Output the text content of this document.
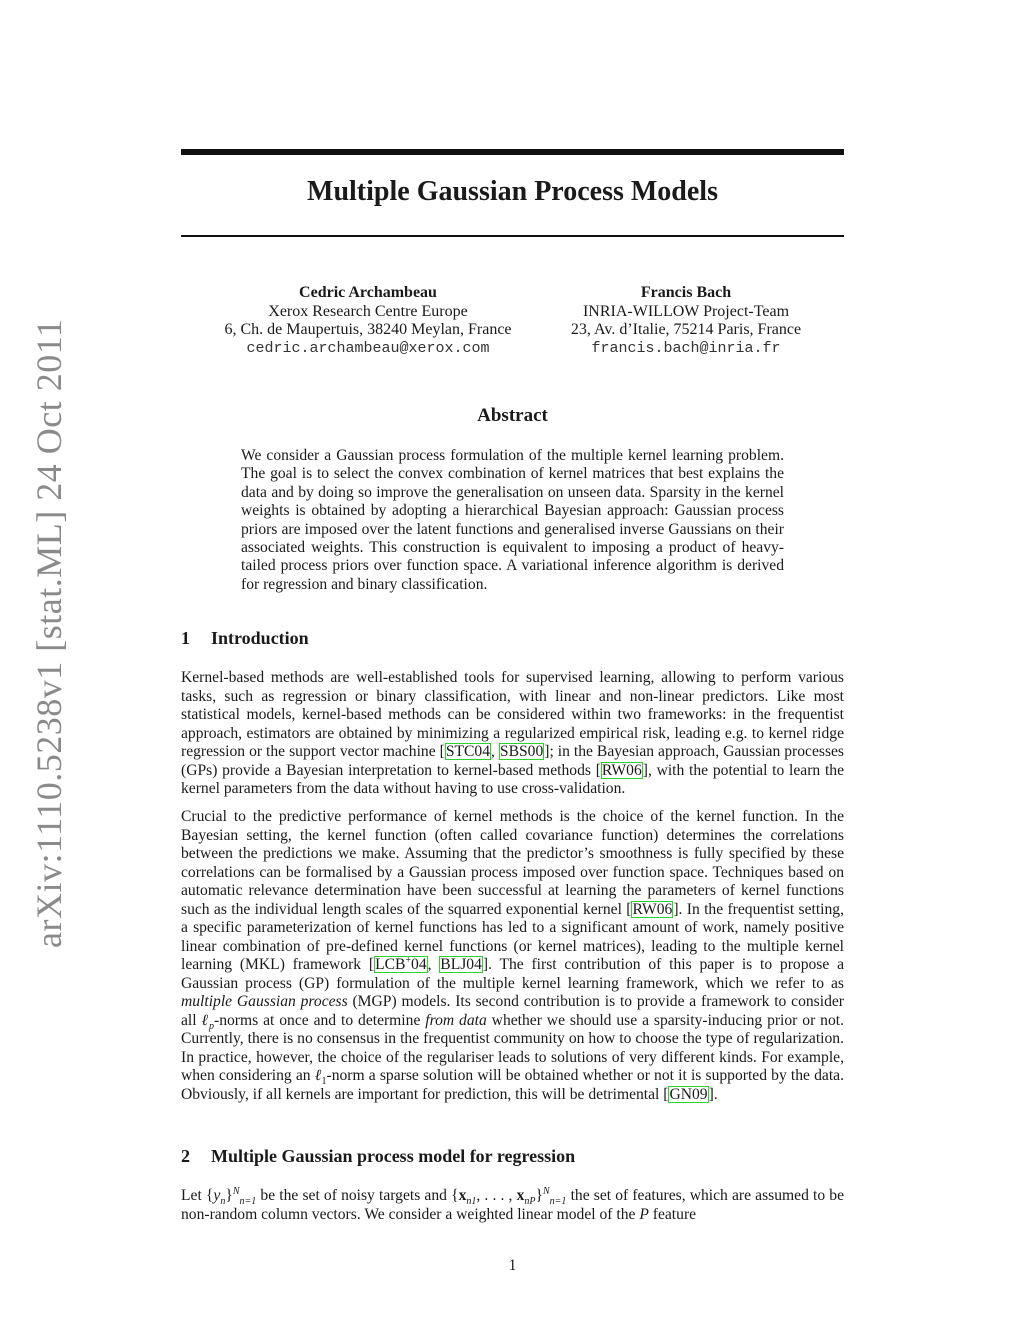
arXiv:1110.5238v1 [stat.ML] 24 Oct 2011
Multiple Gaussian Process Models
Cedric Archambeau
Xerox Research Centre Europe
6, Ch. de Maupertuis, 38240 Meylan, France
cedric.archambeau@xerox.com
Francis Bach
INRIA-WILLOW Project-Team
23, Av. d’Italie, 75214 Paris, France
francis.bach@inria.fr
Abstract

We consider a Gaussian process formulation of the multiple kernel learning problem. The goal is to select the convex combination of kernel matrices that best explains the data and by doing so improve the generalisation on unseen data. Sparsity in the kernel weights is obtained by adopting a hierarchical Bayesian approach: Gaussian process priors are imposed over the latent functions and generalised inverse Gaussians on their associated weights. This construction is equivalent to imposing a product of heavy-tailed process priors over function space. A variational inference algorithm is derived for regression and binary classification.

1 Introduction

Kernel-based methods are well-established tools for supervised learning, allowing to perform various tasks, such as regression or binary classification, with linear and non-linear predictors. Like most statistical models, kernel-based methods can be considered within two frameworks: in the frequentist approach, estimators are obtained by minimizing a regularized empirical risk, leading e.g. to kernel ridge regression or the support vector machine [STC04, SBS00]; in the Bayesian approach, Gaussian processes (GPs) provide a Bayesian interpretation to kernel-based methods [RW06], with the potential to learn the kernel parameters from the data without having to use cross-validation.

Crucial to the predictive performance of kernel methods is the choice of the kernel function. In the Bayesian setting, the kernel function (often called covariance function) determines the correlations between the predictions we make. Assuming that the predictor’s smoothness is fully specified by these correlations can be formalised by a Gaussian process imposed over function space. Techniques based on automatic relevance determination have been successful at learning the parameters of kernel functions such as the individual length scales of the squarred exponential kernel [RW06]. In the frequentist setting, a specific parameterization of kernel functions has led to a significant amount of work, namely positive linear combination of pre-defined kernel functions (or kernel matrices), leading to the multiple kernel learning (MKL) framework [LCB+04, BLJ04]. The first contribution of this paper is to propose a Gaussian process (GP) formulation of the multiple kernel learning framework, which we refer to as multiple Gaussian process (MGP) models. Its second contribution is to provide a framework to consider all ℓ$_p$-norms at once and to determine from data whether we should use a sparsity-inducing prior or not. Currently, there is no consensus in the frequentist community on how to choose the type of regularization. In practice, however, the choice of the regulariser leads to solutions of very different kinds. For example, when considering an ℓ$_1$-norm a sparse solution will be obtained whether or not it is supported by the data. Obviously, if all kernels are important for prediction, this will be detrimental [GN09].

2 Multiple Gaussian process model for regression

Let $\{y_n\}^N_{n=1}$ be the set of noisy targets and {$x_{n1}$, . . . , $x_{nP}\}^N_{n=1}$ the set of features, which are assumed to be non-random column vectors. We consider a weighted linear model of the P feature

1
